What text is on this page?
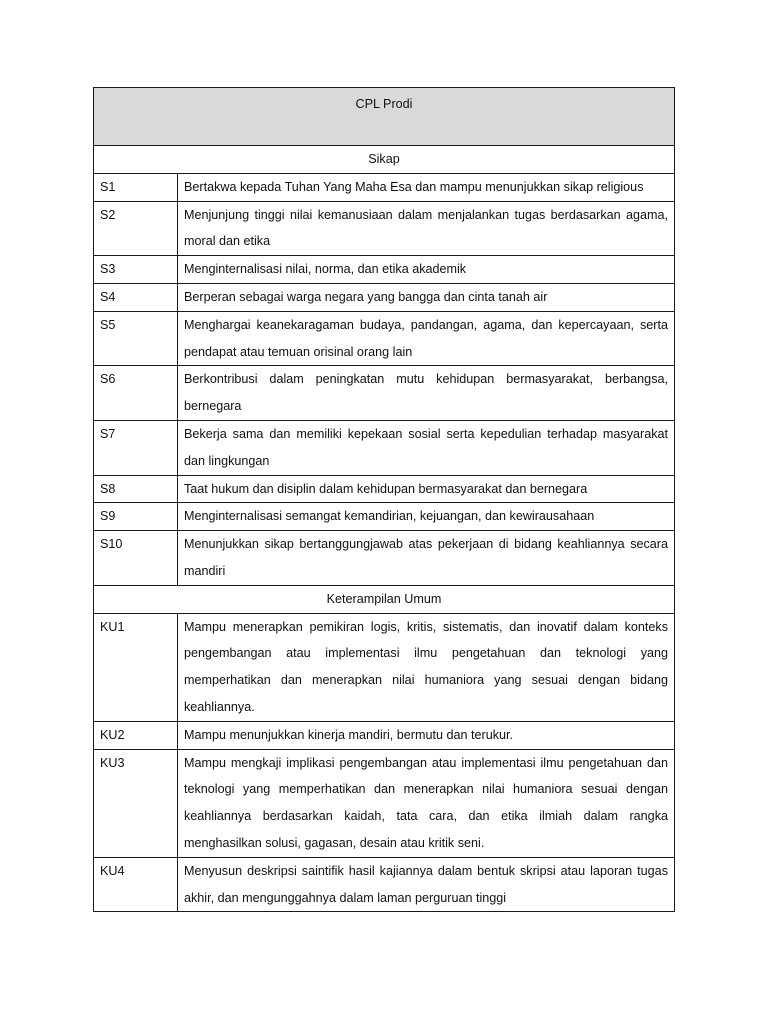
CPL Prodi	
Sikap	
S1	Bertakwa kepada Tuhan Yang Maha Esa dan mampu menunjukkan sikap religious
S2	Menjunjung tinggi nilai kemanusiaan dalam menjalankan tugas berdasarkan agama, moral dan etika
S3	Menginternalisasi nilai, norma, dan etika akademik
S4	Berperan sebagai warga negara yang bangga dan cinta tanah air
S5	Menghargai keanekaragaman budaya, pandangan, agama, dan kepercayaan, serta pendapat atau temuan orisinal orang lain
S6	Berkontribusi dalam peningkatan mutu kehidupan bermasyarakat, berbangsa, bernegara
S7	Bekerja sama dan memiliki kepekaan sosial serta kepedulian terhadap masyarakat dan lingkungan
S8	Taat hukum dan disiplin dalam kehidupan bermasyarakat dan bernegara
S9	Menginternalisasi semangat kemandirian, kejuangan, dan kewirausahaan
S10	Menunjukkan sikap bertanggungjawab atas pekerjaan di bidang keahliannya secara mandiri
Keterampilan Umum	
KU1	Mampu menerapkan pemikiran logis, kritis, sistematis, dan inovatif dalam konteks pengembangan atau implementasi ilmu pengetahuan dan teknologi yang memperhatikan dan menerapkan nilai humaniora yang sesuai dengan bidang keahliannya.
KU2	Mampu menunjukkan kinerja mandiri, bermutu dan terukur.
KU3	Mampu mengkaji implikasi pengembangan atau implementasi ilmu pengetahuan dan teknologi yang memperhatikan dan menerapkan nilai humaniora sesuai dengan keahliannya berdasarkan kaidah, tata cara, dan etika ilmiah dalam rangka menghasilkan solusi, gagasan, desain atau kritik seni.
KU4	Menyusun deskripsi saintifik hasil kajiannya dalam bentuk skripsi atau laporan tugas akhir, dan mengunggahnya dalam laman perguruan tinggi
